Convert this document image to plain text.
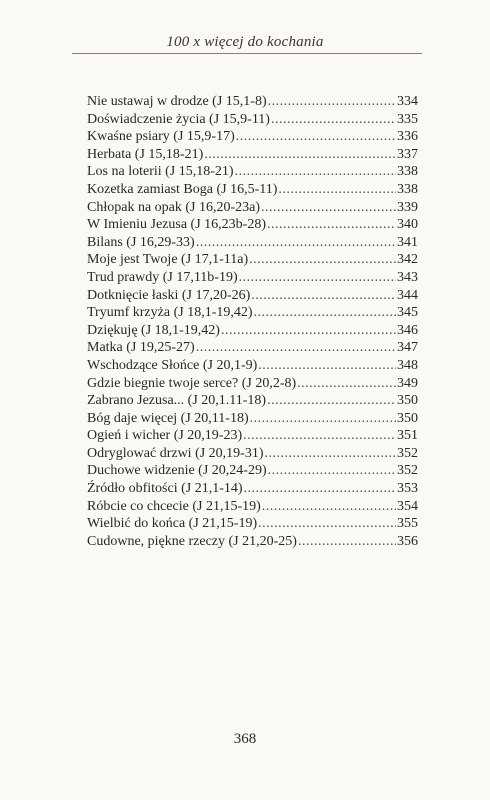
100 x więcej do kochania
Nie ustawaj w drodze (J 15,1-8) .....	334
Doświadczenie życia (J 15,9-11) .....	335
Kwaśne psiary (J 15,9-17) .....	336
Herbata (J 15,18-21) .....	337
Los na loterii (J 15,18-21) .....	338
Kozetka zamiast Boga (J 16,5-11) .....	338
Chłopak na opak (J 16,20-23a) .....	339
W Imieniu Jezusa (J 16,23b-28) .....	340
Bilans (J 16,29-33) .....	341
Moje jest Twoje (J 17,1-11a) .....	342
Trud prawdy (J 17,11b-19) .....	343
Dotknięcie łaski (J 17,20-26) .....	344
Tryumf krzyża (J 18,1-19,42) .....	345
Dziękuję (J 18,1-19,42) .....	346
Matka (J 19,25-27) .....	347
Wschodzące Słońce (J 20,1-9) .....	348
Gdzie biegnie twoje serce? (J 20,2-8) .....	349
Zabrano Jezusa... (J 20,1.11-18) .....	350
Bóg daje więcej (J 20,11-18) .....	350
Ogień i wicher (J 20,19-23) .....	351
Odryglować drzwi (J 20,19-31) .....	352
Duchowe widzenie (J 20,24-29) .....	352
Źródło obfitości (J 21,1-14) .....	353
Róbcie co chcecie (J 21,15-19) .....	354
Wielbić do końca (J 21,15-19) .....	355
Cudowne, piękne rzeczy (J 21,20-25) .....	356
368
